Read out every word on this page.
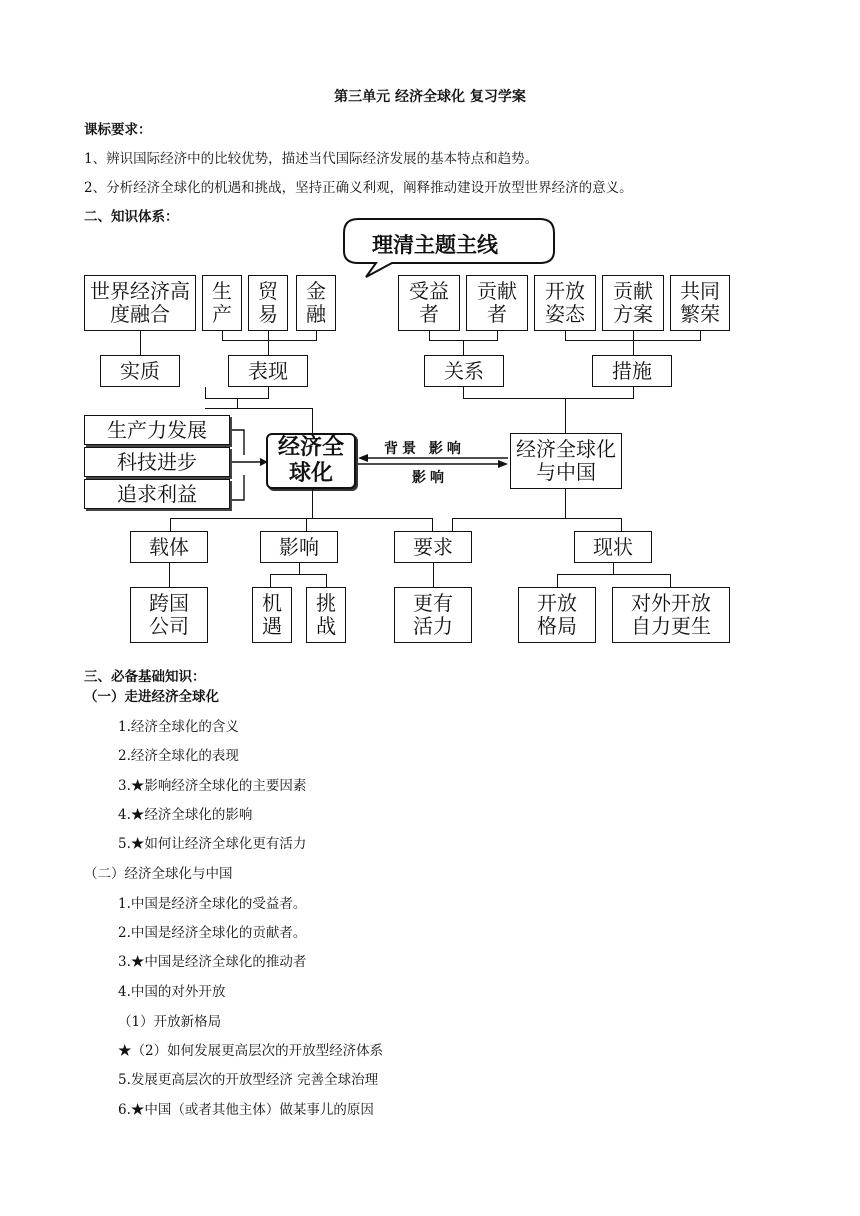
第三单元 经济全球化 复习学案
课标要求：
1、辨识国际经济中的比较优势，描述当代国际经济发展的基本特点和趋势。
2、分析经济全球化的机遇和挑战，坚持正确义利观，阐释推动建设开放型世界经济的意义。
二、知识体系：
理清主题主线
世界经济高度融合
生产
贸易
金融
受益者
贡献者
开放姿态
贡献方案
共同繁荣
实质	表现	关系	措施
生产力发展
科技进步
追求利益
经济全球化
背景 影响
影响
经济全球化与中国
载体	影响	要求	现状
跨国公司
机遇
挑战
更有活力
开放格局
对外开放自力更生
三、必备基础知识：
（一）走进经济全球化
1.经济全球化的含义
2.经济全球化的表现
3.★影响经济全球化的主要因素
4.★经济全球化的影响
5.★如何让经济全球化更有活力
（二）经济全球化与中国
1.中国是经济全球化的受益者。
2.中国是经济全球化的贡献者。
3.★中国是经济全球化的推动者
4.中国的对外开放
（1）开放新格局
★（2）如何发展更高层次的开放型经济体系
5.发展更高层次的开放型经济 完善全球治理
6.★中国（或者其他主体）做某事儿的原因
